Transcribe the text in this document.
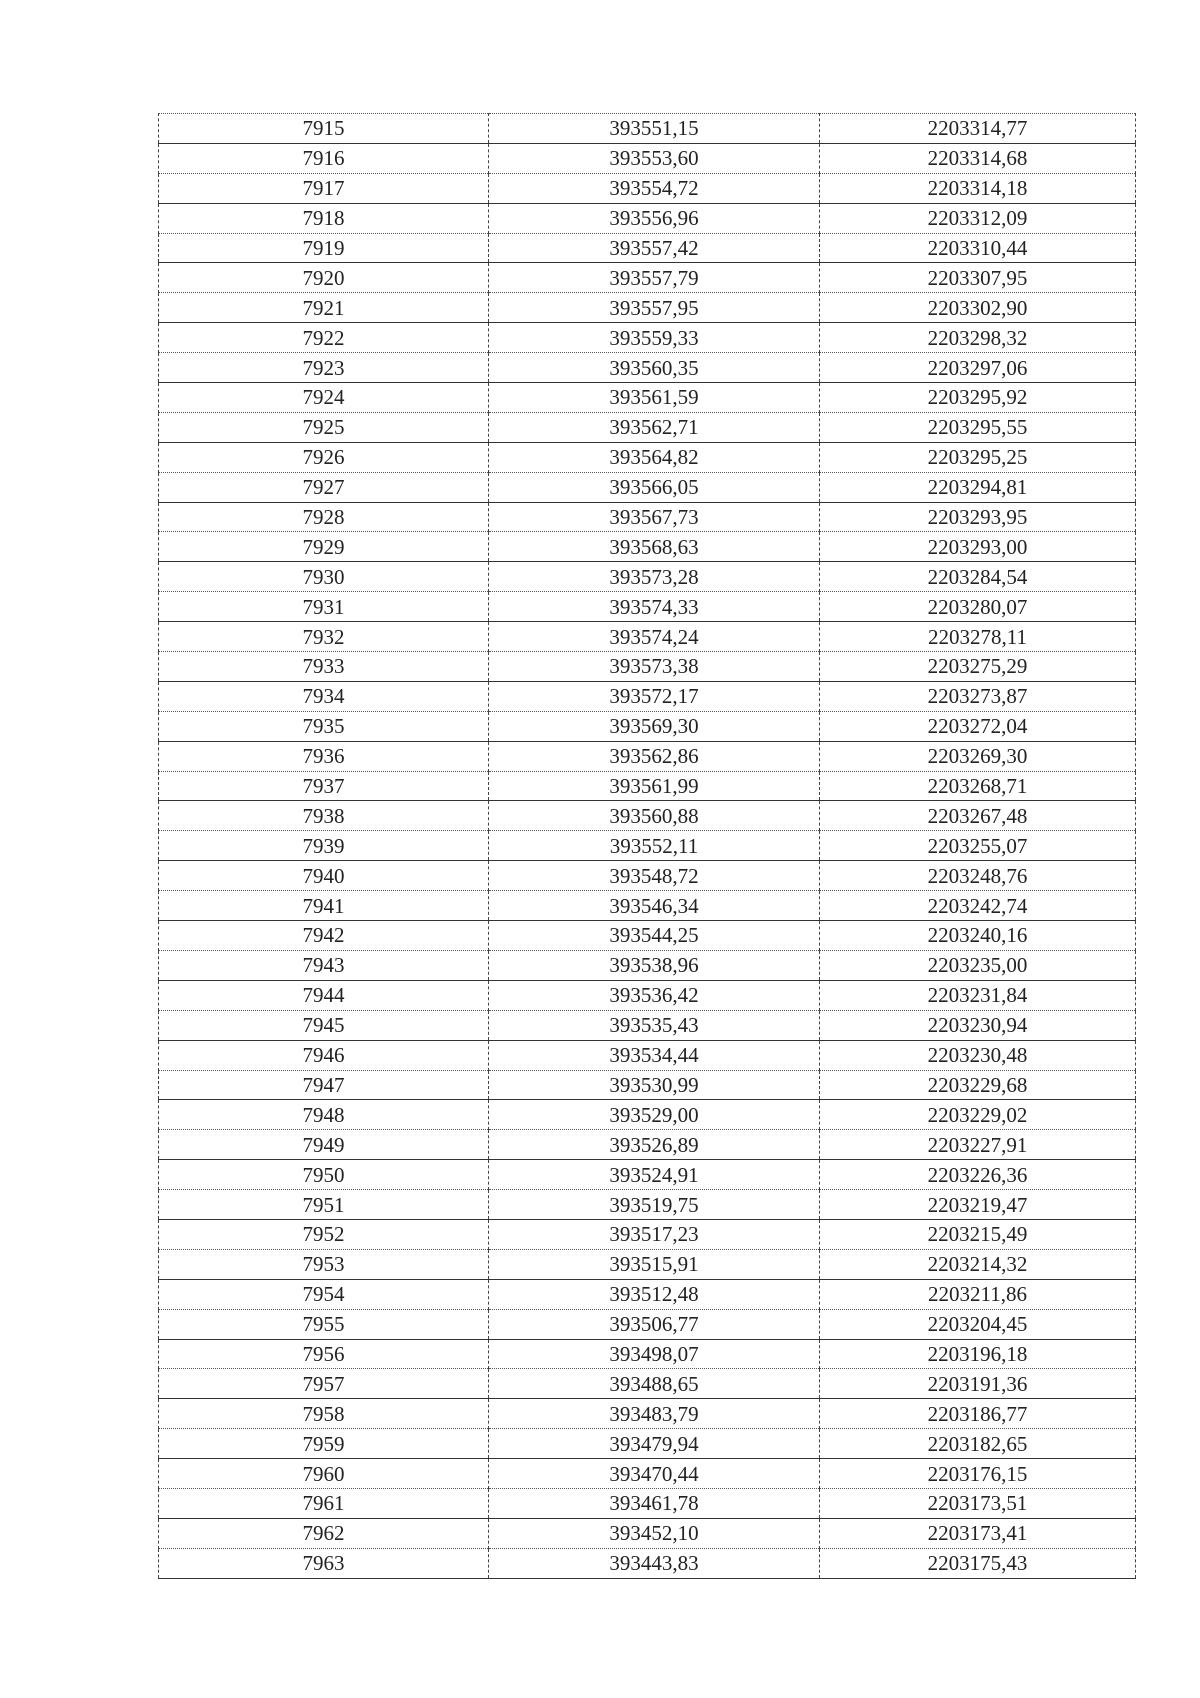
7915	393551,15	2203314,77
7916	393553,60	2203314,68
7917	393554,72	2203314,18
7918	393556,96	2203312,09
7919	393557,42	2203310,44
7920	393557,79	2203307,95
7921	393557,95	2203302,90
7922	393559,33	2203298,32
7923	393560,35	2203297,06
7924	393561,59	2203295,92
7925	393562,71	2203295,55
7926	393564,82	2203295,25
7927	393566,05	2203294,81
7928	393567,73	2203293,95
7929	393568,63	2203293,00
7930	393573,28	2203284,54
7931	393574,33	2203280,07
7932	393574,24	2203278,11
7933	393573,38	2203275,29
7934	393572,17	2203273,87
7935	393569,30	2203272,04
7936	393562,86	2203269,30
7937	393561,99	2203268,71
7938	393560,88	2203267,48
7939	393552,11	2203255,07
7940	393548,72	2203248,76
7941	393546,34	2203242,74
7942	393544,25	2203240,16
7943	393538,96	2203235,00
7944	393536,42	2203231,84
7945	393535,43	2203230,94
7946	393534,44	2203230,48
7947	393530,99	2203229,68
7948	393529,00	2203229,02
7949	393526,89	2203227,91
7950	393524,91	2203226,36
7951	393519,75	2203219,47
7952	393517,23	2203215,49
7953	393515,91	2203214,32
7954	393512,48	2203211,86
7955	393506,77	2203204,45
7956	393498,07	2203196,18
7957	393488,65	2203191,36
7958	393483,79	2203186,77
7959	393479,94	2203182,65
7960	393470,44	2203176,15
7961	393461,78	2203173,51
7962	393452,10	2203173,41
7963	393443,83	2203175,43
